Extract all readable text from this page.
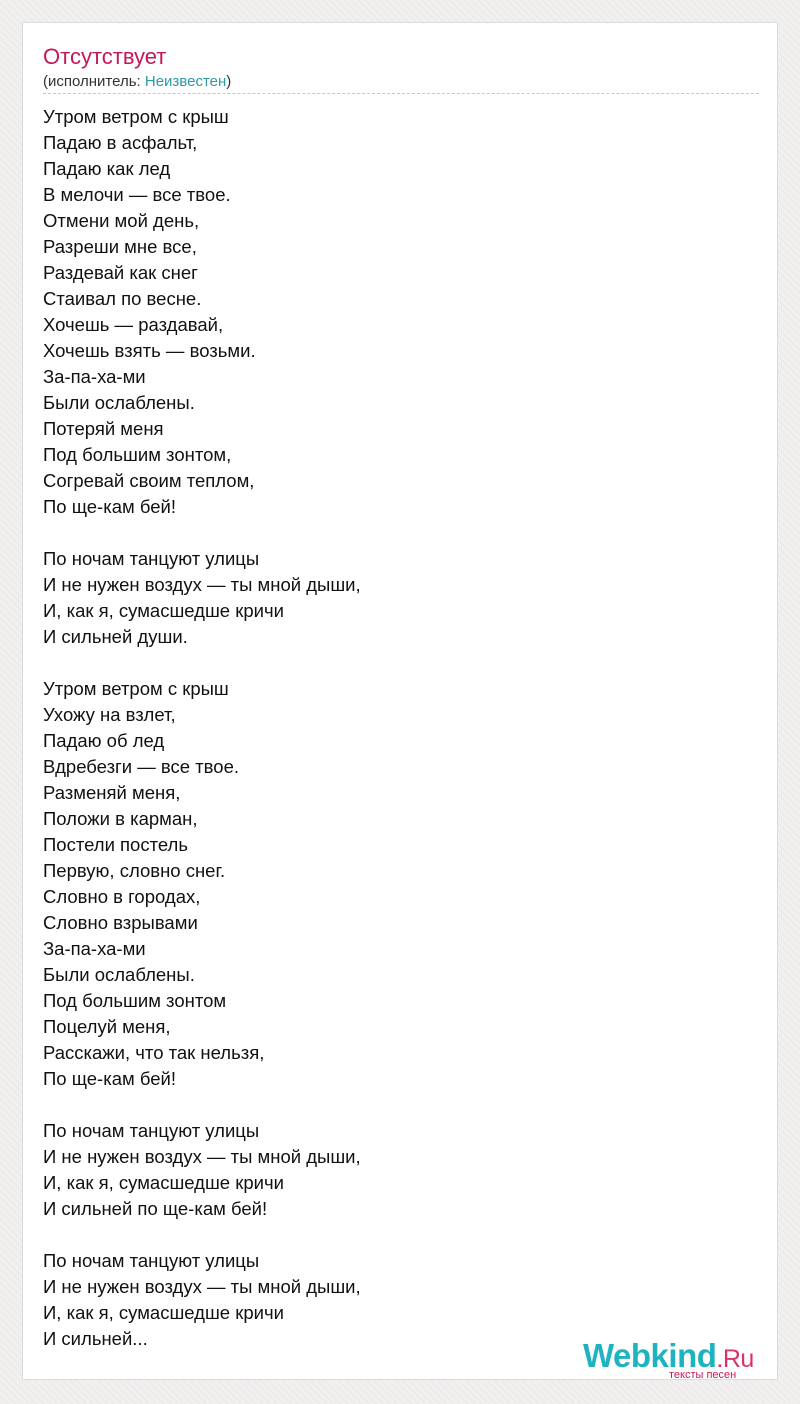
Отсутствует
(исполнитель: Неизвестен)
Утром ветром с крыш
Падаю в асфальт,
Падаю как лед
В мелочи — все твое.
Отмени мой день,
Разреши мне все,
Раздевай как снег
Стаивал по весне.
Хочешь — раздавай,
Хочешь взять — возьми.
За-па-ха-ми
Были ослаблены.
Потеряй меня
Под большим зонтом,
Согревай своим теплом,
По ще-кам бей!
По ночам танцуют улицы
И не нужен воздух — ты мной дыши,
И, как я, сумасшедше кричи
И сильней души.
Утром ветром с крыш
Ухожу на взлет,
Падаю об лед
Вдребезги — все твое.
Разменяй меня,
Положи в карман,
Постели постель
Первую, словно снег.
Словно в городах,
Словно взрывами
За-па-ха-ми
Были ослаблены.
Под большим зонтом
Поцелуй меня,
Расскажи, что так нельзя,
По ще-кам бей!
По ночам танцуют улицы
И не нужен воздух — ты мной дыши,
И, как я, сумасшедше кричи
И сильней по ще-кам бей!
По ночам танцуют улицы
И не нужен воздух — ты мной дыши,
И, как я, сумасшедше кричи
И сильней...	Webkind.Ru
тексты песен
